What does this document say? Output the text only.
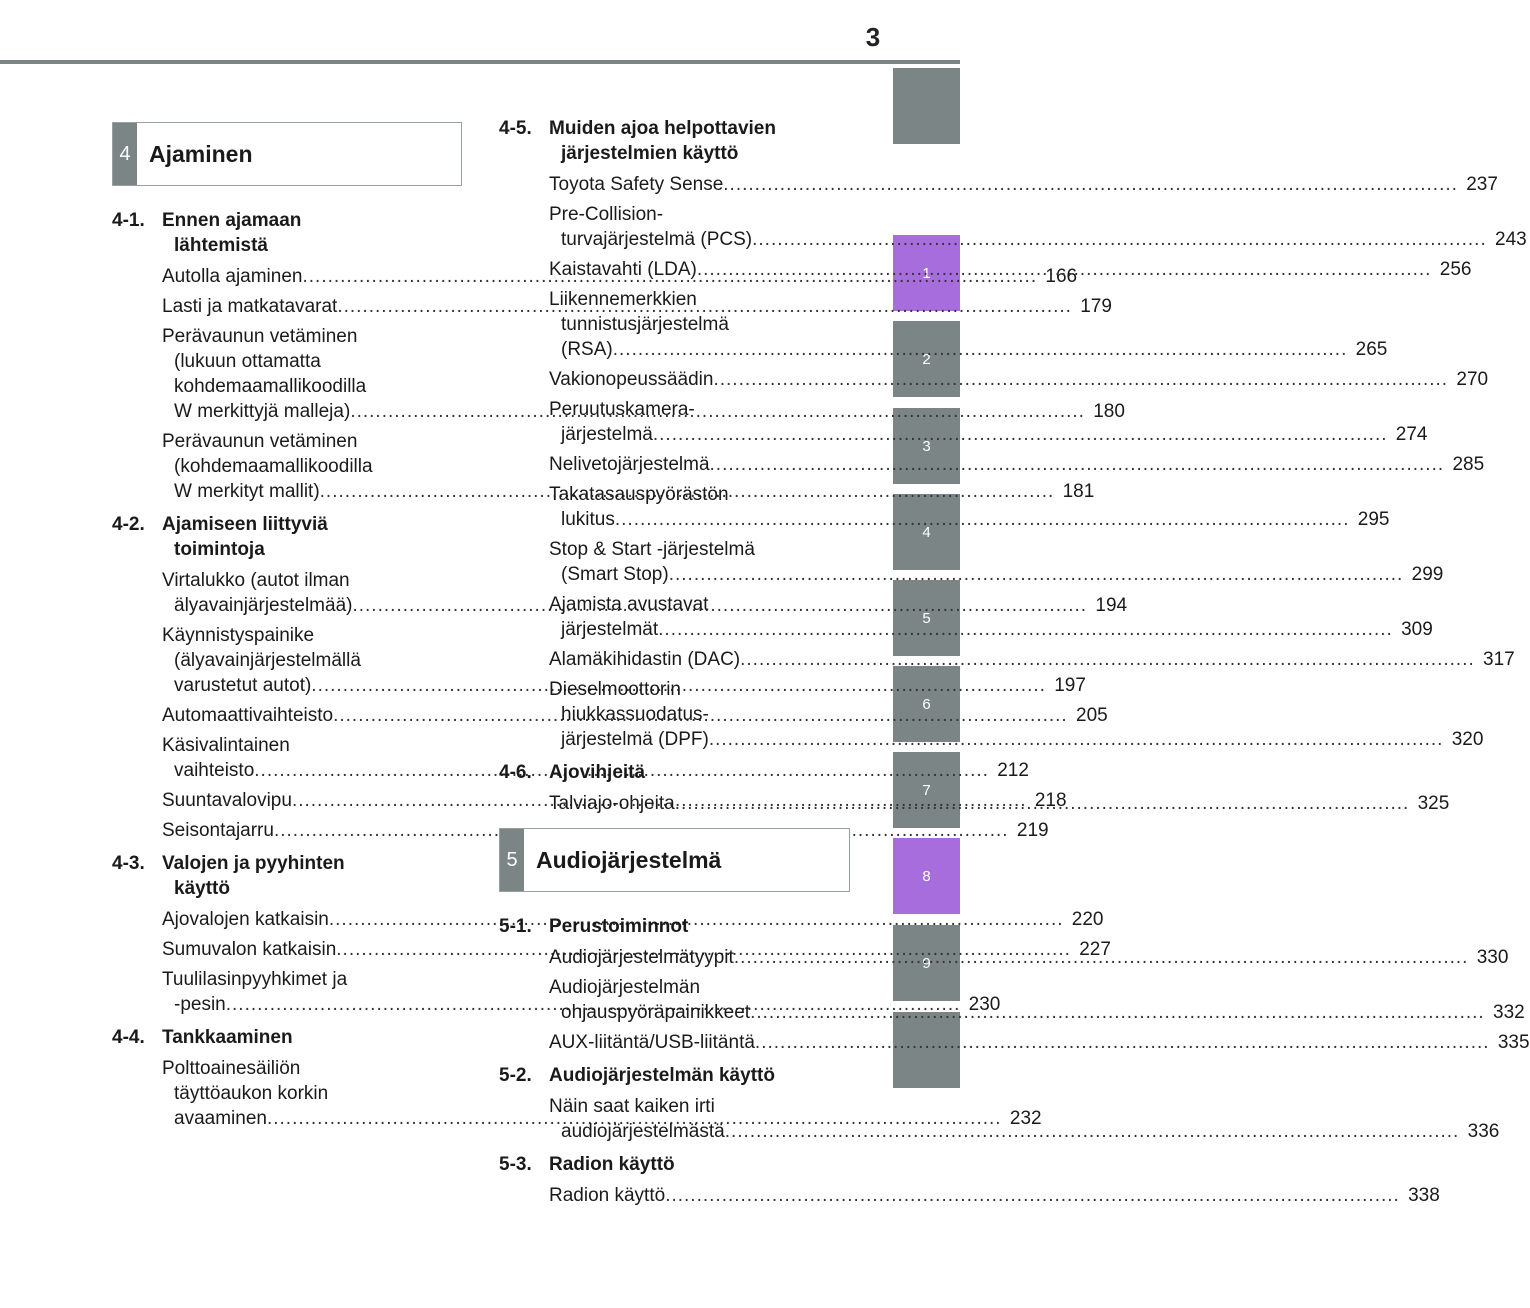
3
1
2
3
4
5
6
7
8
9
4 Ajaminen
4-1. Ennen ajamaan
lähtemistä
Autolla ajaminen .....	166
Lasti ja matkatavarat .....	179
Perävaunun vetäminen
(lukuun ottamatta
kohdemaamallikoodilla
W merkittyjä malleja) .....	180
Perävaunun vetäminen
(kohdemaamallikoodilla
W merkityt mallit) .....	181
4-2. Ajamiseen liittyviä
toimintoja
Virtalukko (autot ilman
älyavainjärjestelmää) .....	194
Käynnistyspainike
(älyavainjärjestelmällä
varustetut autot) .....	197
Automaattivaihteisto .....	205
Käsivalintainen
vaihteisto .....	212
Suuntavalovipu .....	218
Seisontajarru .....	219
4-3. Valojen ja pyyhinten
käyttö
Ajovalojen katkaisin .....	220
Sumuvalon katkaisin .....	227
Tuulilasinpyyhkimet ja
-pesin .....	230
4-4. Tankkaaminen
Polttoainesäiliön
täyttöaukon korkin
avaaminen .....	232
4-5. Muiden ajoa helpottavien
järjestelmien käyttö
Toyota Safety Sense .....	237
Pre-Collision-
turvajärjestelmä (PCS) .....	243
Kaistavahti (LDA) .....	256
Liikennemerkkien
tunnistusjärjestelmä
(RSA) .....	265
Vakionopeussäädin .....	270
Peruutuskamera-
järjestelmä .....	274
Nelivetojärjestelmä .....	285
Takatasauspyörästön
lukitus .....	295
Stop & Start -järjestelmä
(Smart Stop) .....	299
Ajamista avustavat
järjestelmät .....	309
Alamäkihidastin (DAC) .....	317
Dieselmoottorin
hiukkassuodatus-
järjestelmä (DPF) .....	320
4-6. Ajovihjeitä
Talviajo-ohjeita .....	325
5 Audiojärjestelmä
5-1. Perustoiminnot
Audiojärjestelmätyypit .....	330
Audiojärjestelmän
ohjauspyöräpainikkeet .....	332
AUX-liitäntä/USB-liitäntä .....	335
5-2. Audiojärjestelmän käyttö
Näin saat kaiken irti
audiojärjestelmästä .....	336
5-3. Radion käyttö
Radion käyttö .....	338
